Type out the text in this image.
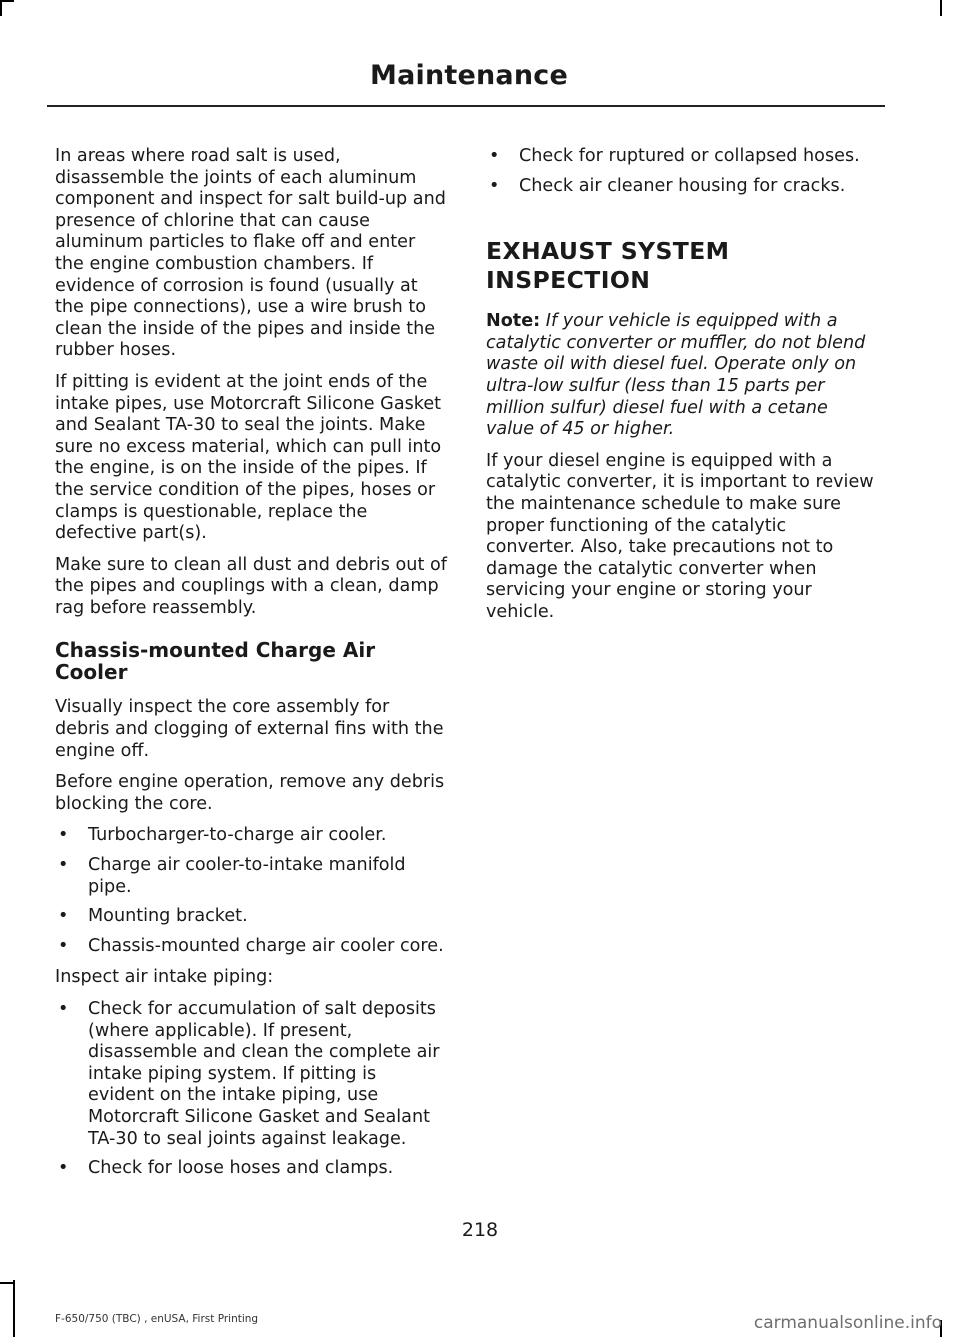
Maintenance

In areas where road salt is used, disassemble the joints of each aluminum component and inspect for salt build-up and presence of chlorine that can cause aluminum particles to flake off and enter the engine combustion chambers. If evidence of corrosion is found (usually at the pipe connections), use a wire brush to clean the inside of the pipes and inside the rubber hoses.

If pitting is evident at the joint ends of the intake pipes, use Motorcraft Silicone Gasket and Sealant TA-30 to seal the joints. Make sure no excess material, which can pull into the engine, is on the inside of the pipes. If the service condition of the pipes, hoses or clamps is questionable, replace the defective part(s).

Make sure to clean all dust and debris out of the pipes and couplings with a clean, damp rag before reassembly.

Chassis-mounted Charge Air Cooler

Visually inspect the core assembly for debris and clogging of external fins with the engine off.

Before engine operation, remove any debris blocking the core.

• Turbocharger-to-charge air cooler.
• Charge air cooler-to-intake manifold pipe.
• Mounting bracket.
• Chassis-mounted charge air cooler core.

Inspect air intake piping:

• Check for accumulation of salt deposits (where applicable). If present, disassemble and clean the complete air intake piping system. If pitting is evident on the intake piping, use Motorcraft Silicone Gasket and Sealant TA-30 to seal joints against leakage.
• Check for loose hoses and clamps.
• Check for ruptured or collapsed hoses.
• Check air cleaner housing for cracks.
EXHAUST SYSTEM
INSPECTION

Note: If your vehicle is equipped with a catalytic converter or muffler, do not blend waste oil with diesel fuel. Operate only on ultra-low sulfur (less than 15 parts per million sulfur) diesel fuel with a cetane value of 45 or higher.

If your diesel engine is equipped with a catalytic converter, it is important to review the maintenance schedule to make sure proper functioning of the catalytic converter. Also, take precautions not to damage the catalytic converter when servicing your engine or storing your vehicle.

218
F-650/750 (TBC) , enUSA, First Printing	carmanualsonline.info
